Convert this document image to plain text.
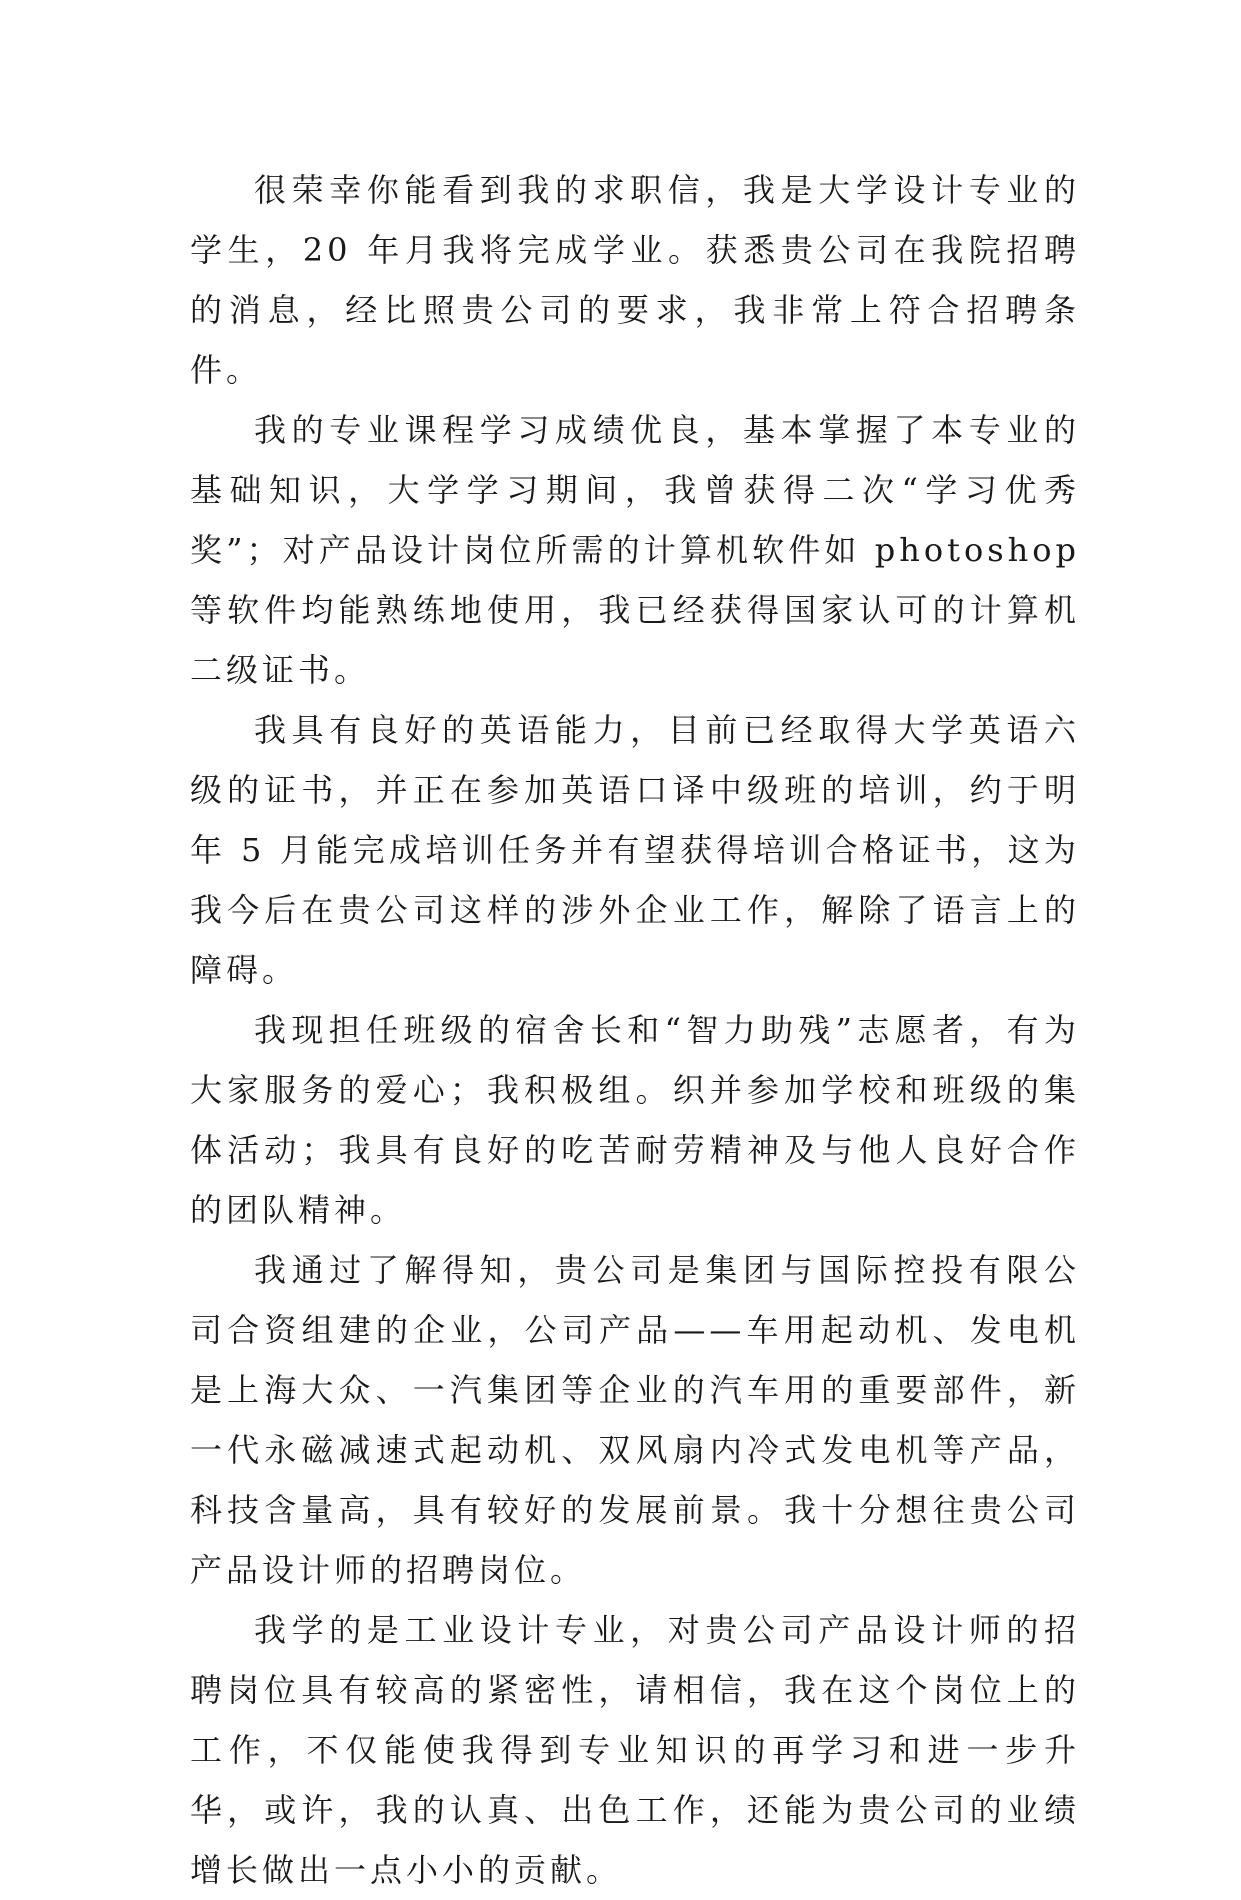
很荣幸你能看到我的求职信，我是大学设计专业的学生，20 年月我将完成学业。获悉贵公司在我院招聘的消息，经比照贵公司的要求，我非常上符合招聘条件。

我的专业课程学习成绩优良，基本掌握了本专业的基础知识，大学学习期间，我曾获得二次“学习优秀奖”；对产品设计岗位所需的计算机软件如 photoshop 等软件均能熟练地使用，我已经获得国家认可的计算机二级证书。

我具有良好的英语能力，目前已经取得大学英语六级的证书，并正在参加英语口译中级班的培训，约于明年 5 月能完成培训任务并有望获得培训合格证书，这为我今后在贵公司这样的涉外企业工作，解除了语言上的障碍。

我现担任班级的宿舍长和“智力助残”志愿者，有为大家服务的爱心；我积极组。织并参加学校和班级的集体活动；我具有良好的吃苦耐劳精神及与他人良好合作的团队精神。

我通过了解得知，贵公司是集团与国际控投有限公司合资组建的企业，公司产品——车用起动机、发电机是上海大众、一汽集团等企业的汽车用的重要部件，新一代永磁减速式起动机、双风扇内冷式发电机等产品，科技含量高，具有较好的发展前景。我十分想往贵公司产品设计师的招聘岗位。

我学的是工业设计专业，对贵公司产品设计师的招聘岗位具有较高的紧密性，请相信，我在这个岗位上的工作，不仅能使我得到专业知识的再学习和进一步升华，或许，我的认真、出色工作，还能为贵公司的业绩增长做出一点小小的贡献。
